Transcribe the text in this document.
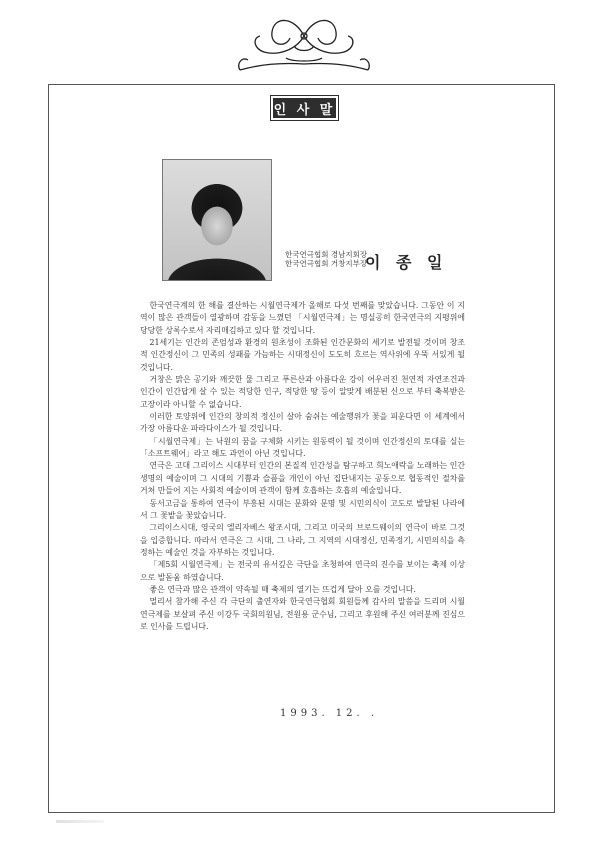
인 사 말
한국연극협회 경남지회장
한국연극협회 거창지부장
이 종 일

한국연극계의 한 해를 결산하는 시월연극제가 올해로 다섯 번째를 맞았습니다. 그동안 이 지역이 많은 관객들이 열광하며 감동을 느꼈던 「시월연극제」는 명실공히 한국연극의 지평위에 당당한 상록수로서 자리매김하고 있다 할 것입니다.

21세기는 인간의 존엄성과 환경의 원초성이 조화된 인간문화의 세기로 발전될 것이며 창조적 인간정신이 그 민족의 성패를 가늠하는 시대정신이 도도히 흐르는 역사위에 우뚝 서있게 될 것입니다.

거창은 맑은 공기와 깨끗한 물 그리고 푸른산과 아름다운 강이 어우러진 천연적 자연조건과 인간이 인간답게 살 수 있는 적당한 인구, 적당한 땅 등이 알맞게 배분된 신으로 부터 축복받은 고장이라 아니할 수 없습니다.

이러한 토양위에 인간의 창의적 정신이 살아 숨쉬는 예술행위가 꽃을 피운다면 이 세계에서 가장 아름다운 파라다이스가 될 것입니다.

「시월연극제」는 낙원의 꿈을 구체화 시키는 원동력이 될 것이며 인간정신의 토대를 실는 「소프트웨어」라고 해도 과언이 아닌 것입니다.

연극은 고대 그리이스 시대부터 인간의 본질적 인간성을 탐구하고 희노애락을 노래하는 인간생명의 예술이며 그 시대의 기쁨과 슬픔을 개인이 아닌 집단내지는 공동으로 협동적인 절차를 거쳐 만들어 지는 사회적 예술이며 관객이 함께 호흡하는 호흡의 예술입니다.

동서고금을 통하여 연극이 부흥된 시대는 문화와 문명 및 시민의식이 고도로 발달된 나라에서 그 꽃밭을 꽃았습니다.

그리이스시대, 영국의 엘리자베스 왕조시대, 그리고 미국의 브로드웨이의 연극이 바로 그것을 입증합니다. 따라서 연극은 그 시대, 그 나라, 그 지역의 시대정신, 민족정기, 시민의식을 측정하는 예술인 것을 자부하는 것입니다.

「제5회 시월연극제」는 전국의 유서깊은 극단을 초청하여 연극의 진수를 보이는 축제 이상으로 발돋움 하였습니다.

좋은 연극과 많은 관객이 약속될 때 축제의 열기는 뜨겁게 달아 오를 것입니다.

멀리서 참가해 주신 각 극단의 출연자와 한국연극협회 회원들께 감사의 말씀을 드리며 시월연극제를 보살펴 주신 이강두 국회의원님, 전원용 군수님, 그리고 후원해 주신 여러분께 진심으로 인사를 드립니다.

1993. 12. .
